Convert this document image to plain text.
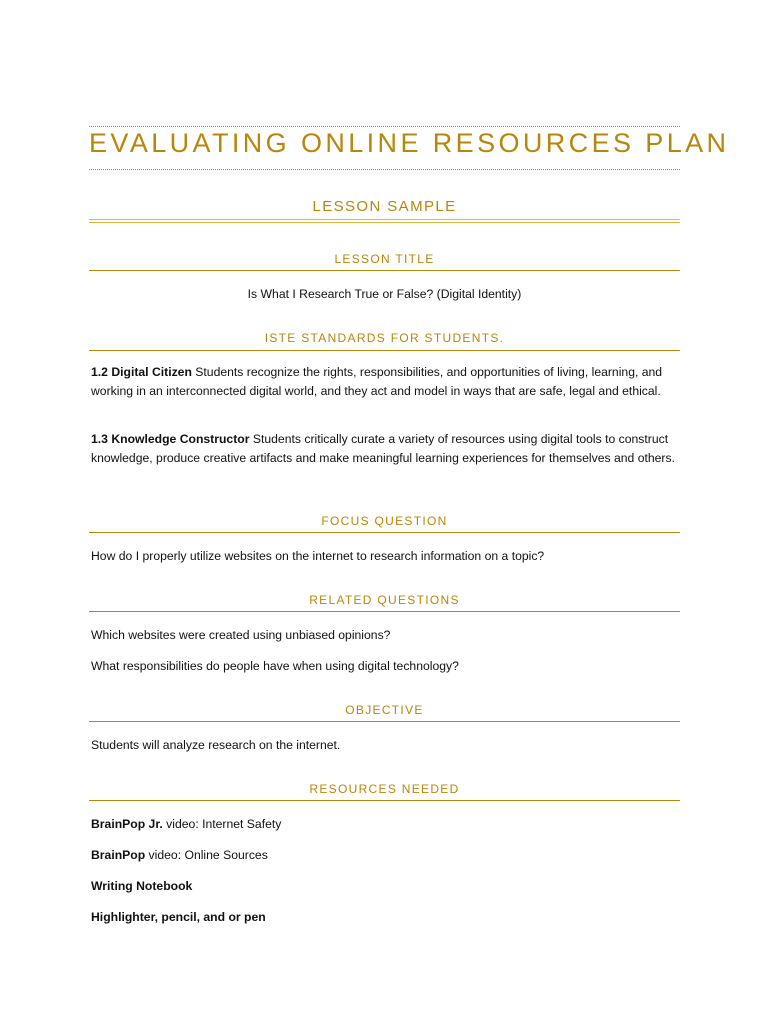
EVALUATING ONLINE RESOURCES PLAN
LESSON SAMPLE
LESSON TITLE
Is What I Research True or False? (Digital Identity)
ISTE STANDARDS FOR STUDENTS.
1.2 Digital Citizen Students recognize the rights, responsibilities, and opportunities of living, learning, and working in an interconnected digital world, and they act and model in ways that are safe, legal and ethical.
1.3 Knowledge Constructor Students critically curate a variety of resources using digital tools to construct knowledge, produce creative artifacts and make meaningful learning experiences for themselves and others.
FOCUS QUESTION
How do I properly utilize websites on the internet to research information on a topic?
RELATED QUESTIONS
Which websites were created using unbiased opinions?
What responsibilities do people have when using digital technology?
OBJECTIVE
Students will analyze research on the internet.
RESOURCES NEEDED
BrainPop Jr. video: Internet Safety
BrainPop video: Online Sources
Writing Notebook
Highlighter, pencil, and or pen
